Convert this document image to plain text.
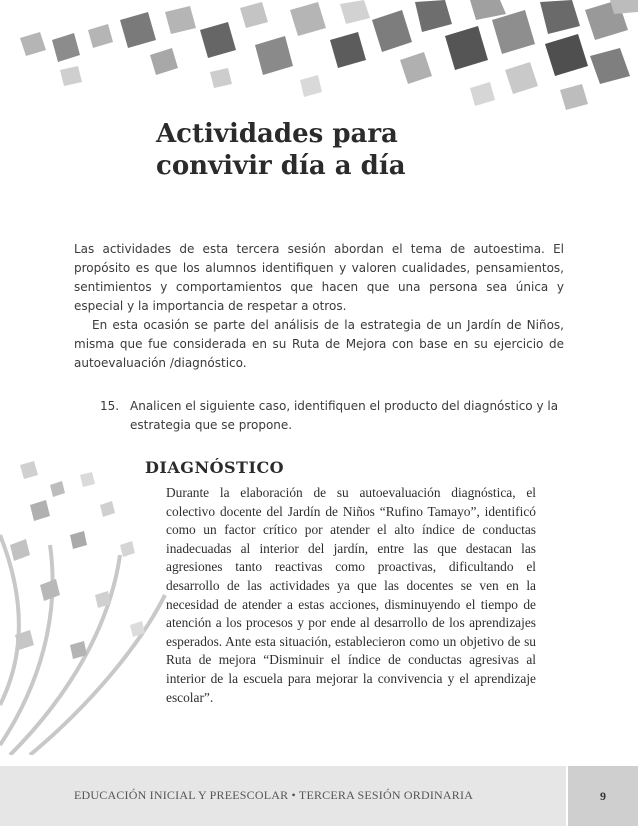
Actividades para
convivir día a día

Las actividades de esta tercera sesión abordan el tema de autoestima. El propósito es que los alumnos identifiquen y valoren cualidades, pensamientos, sentimientos y comportamientos que hacen que una persona sea única y especial y la importancia de respetar a otros.

En esta ocasión se parte del análisis de la estrategia de un Jardín de Niños, misma que fue considerada en su Ruta de Mejora con base en su ejercicio de autoevaluación /diagnóstico.

15. Analicen el siguiente caso, identifiquen el producto del diagnóstico y la estrategia que se propone.
DIAGNÓSTICO
Durante la elaboración de su autoevaluación diagnóstica, el colectivo docente del Jardín de Niños “Rufino Tamayo”, identificó como un factor crítico por atender el alto índice de conductas inadecuadas al interior del jardín, entre las que destacan las agresiones tanto reactivas como proactivas, dificultando el desarrollo de las actividades ya que las docentes se ven en la necesidad de atender a estas acciones, disminuyendo el tiempo de atención a los procesos y por ende al desarrollo de los aprendizajes esperados. Ante esta situación, establecieron como un objetivo de su Ruta de mejora “Disminuir el índice de conductas agresivas al interior de la escuela para mejorar la convivencia y el aprendizaje escolar”.
EDUCACIÓN INICIAL Y PREESCOLAR • TERCERA SESIÓN ORDINARIA	9
